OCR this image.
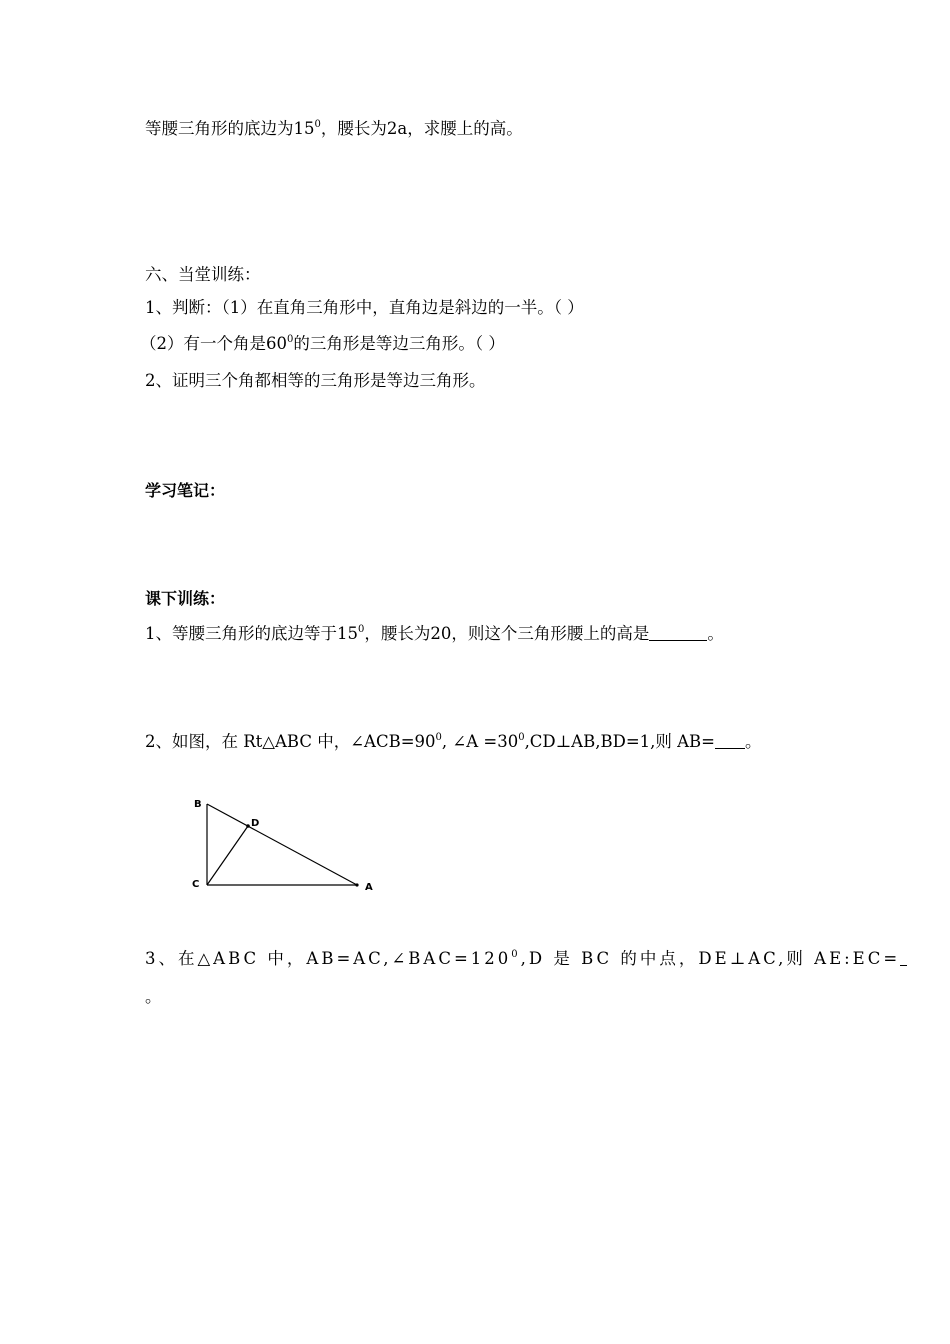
等腰三角形的底边为$15^0$，腰长为2a，求腰上的高。
六、当堂训练：
1、判断：（1）在直角三角形中，直角边是斜边的一半。（ ）
（2）有一个角是$60^0$的三角形是等边三角形。（ ）
2、证明三个角都相等的三角形是等边三角形。
学习笔记：
课下训练：
1、等腰三角形的底边等于$15^0$，腰长为20，则这个三角形腰上的高是	。
2、如图，在 Rt△ABC 中，$\angle ACB=90^0$, ∠A $=30^0,CD\perp AB,BD=1$,则 AB= 。
B
D
C	A
3、在△ABC 中，$AB=AC,\angle BAC=120^0,D$ 是 BC 的中点，DE⊥AC,则 AE:EC=
。
